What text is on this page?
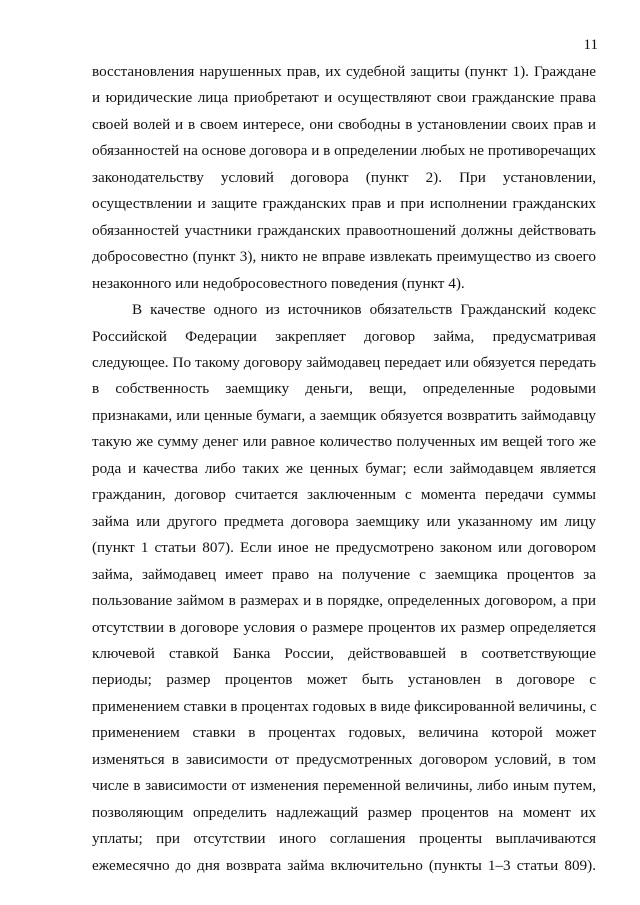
11
восстановления нарушенных прав, их судебной защиты (пункт 1). Граждане
и юридические лица приобретают и осуществляют свои гражданские права
своей волей и в своем интересе, они свободны в установлении своих прав и
обязанностей на основе договора и в определении любых не противоречащих
законодательству условий договора (пункт 2). При установлении,
осуществлении и защите гражданских прав и при исполнении гражданских
обязанностей участники гражданских правоотношений должны действовать
добросовестно (пункт 3), никто не вправе извлекать преимущество из своего
незаконного или недобросовестного поведения (пункт 4).
В качестве одного из источников обязательств Гражданский кодекс
Российской Федерации закрепляет договор займа, предусматривая
следующее. По такому договору займодавец передает или обязуется передать
в собственность заемщику деньги, вещи, определенные родовыми
признаками, или ценные бумаги, а заемщик обязуется возвратить займодавцу
такую же сумму денег или равное количество полученных им вещей того же
рода и качества либо таких же ценных бумаг; если займодавцем является
гражданин, договор считается заключенным с момента передачи суммы
займа или другого предмета договора заемщику или указанному им лицу
(пункт 1 статьи 807). Если иное не предусмотрено законом или договором
займа, займодавец имеет право на получение с заемщика процентов за
пользование займом в размерах и в порядке, определенных договором, а при
отсутствии в договоре условия о размере процентов их размер определяется
ключевой ставкой Банка России, действовавшей в соответствующие
периоды; размер процентов может быть установлен в договоре с
применением ставки в процентах годовых в виде фиксированной величины, с
применением ставки в процентах годовых, величина которой может
изменяться в зависимости от предусмотренных договором условий, в том
числе в зависимости от изменения переменной величины, либо иным путем,
позволяющим определить надлежащий размер процентов на момент их
уплаты; при отсутствии иного соглашения проценты выплачиваются
ежемесячно до дня возврата займа включительно (пункты 1–3 статьи 809).
